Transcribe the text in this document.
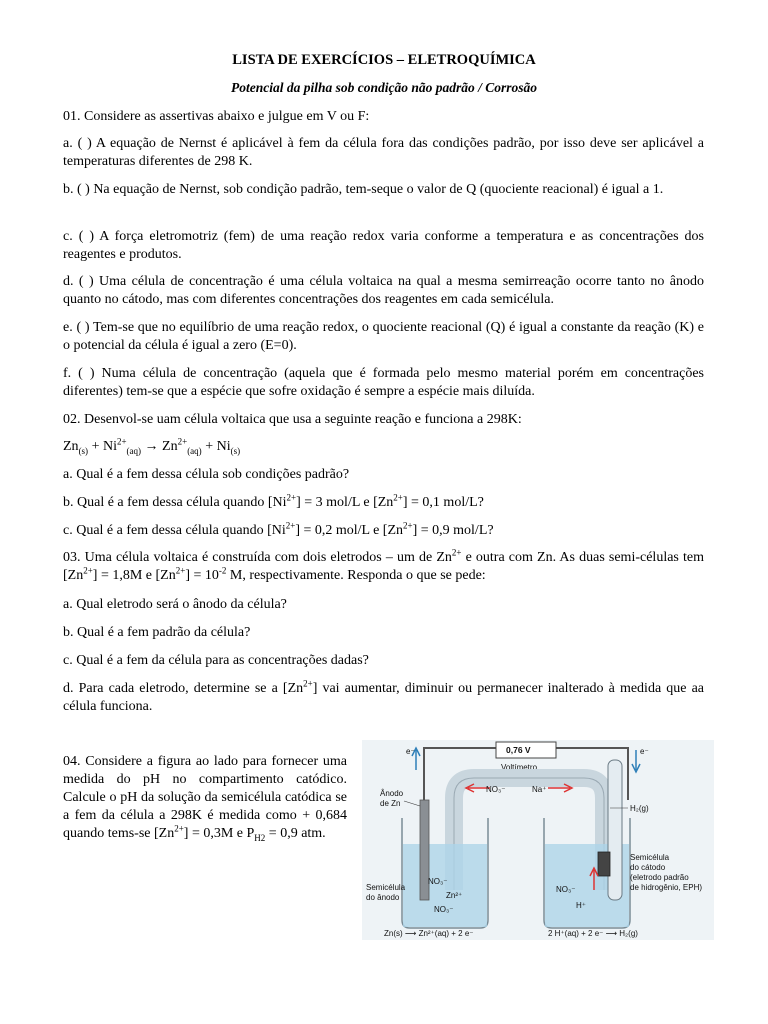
LISTA DE EXERCÍCIOS – ELETROQUÍMICA
Potencial da pilha sob condição não padrão / Corrosão
01. Considere as assertivas abaixo e julgue em V ou F:
a. ( ) A equação de Nernst é aplicável à fem da célula fora das condições padrão, por isso deve ser aplicável a temperaturas diferentes de 298 K.
b. ( ) Na equação de Nernst, sob condição padrão, tem-seque o valor de Q (quociente reacional) é igual a 1.
c. ( ) A força eletromotriz (fem) de uma reação redox varia conforme a temperatura e as concentrações dos reagentes e produtos.
d. ( ) Uma célula de concentração é uma célula voltaica na qual a mesma semirreação ocorre tanto no ânodo quanto no cátodo, mas com diferentes concentrações dos reagentes em cada semicélula.
e. ( ) Tem-se que no equilíbrio de uma reação redox, o quociente reacional (Q) é igual a constante da reação (K) e o potencial da célula é igual a zero (E=0).
f. ( ) Numa célula de concentração (aquela que é formada pelo mesmo material porém em concentrações diferentes) tem-se que a espécie que sofre oxidação é sempre a espécie mais diluída.
02. Desenvol-se uam célula voltaica que usa a seguinte reação e funciona a 298K:
$Zn_{(s)} + Ni^{2+}_{(aq)} \to Zn^{2+}_{(aq)} + Ni_{(s)}$
a. Qual é a fem dessa célula sob condições padrão?
b. Qual é a fem dessa célula quando $[Ni^{2+}] = 3$ mol/L e $[Zn^{2+}] = 0,1$ mol/L?
c. Qual é a fem dessa célula quando $[Ni^{2+}] = 0,2$ mol/L e $[Zn^{2+}] = 0,9$ mol/L?
03. Uma célula voltaica é construída com dois eletrodos – um de $Zn^{2+}$ e outra com Zn. As duas semi-células tem $[Zn^{2+}] = 1,8M$ e $[Zn^{2+}] = 10^{-2}$ M, respectivamente. Responda o que se pede:
a. Qual eletrodo será o ânodo da célula?
b. Qual é a fem padrão da célula?
c. Qual é a fem da célula para as concentrações dadas?
d. Para cada eletrodo, determine se a $[Zn^{2+}]$ vai aumentar, diminuir ou permanecer inalterado à medida que aa célula funciona.
04. Considere a figura ao lado para fornecer uma medida do pH no compartimento catódico. Calcule o pH da solução da semicélula catódica se a fem da célula a 298K é medida como + 0,684 quando tems-se $[Zn^{2+}] = 0,3M$ e $P_{H2} = 0,9$ atm.
e⁻	e⁻
0,76 V
Voltímetro
NO₃⁻	Na⁺
NO₃⁻
Zn²⁺
NO₃⁻
NO₃⁻
H⁺
Ânodo
de Zn
H₂(g)
Semicélula
do ânodo
Semicélula
do cátodo
(eletrodo padrão
de hidrogênio, EPH)
Zn(s) ⟶ Zn²⁺(aq) + 2 e⁻	2 H⁺(aq) + 2 e⁻ ⟶ H₂(g)
